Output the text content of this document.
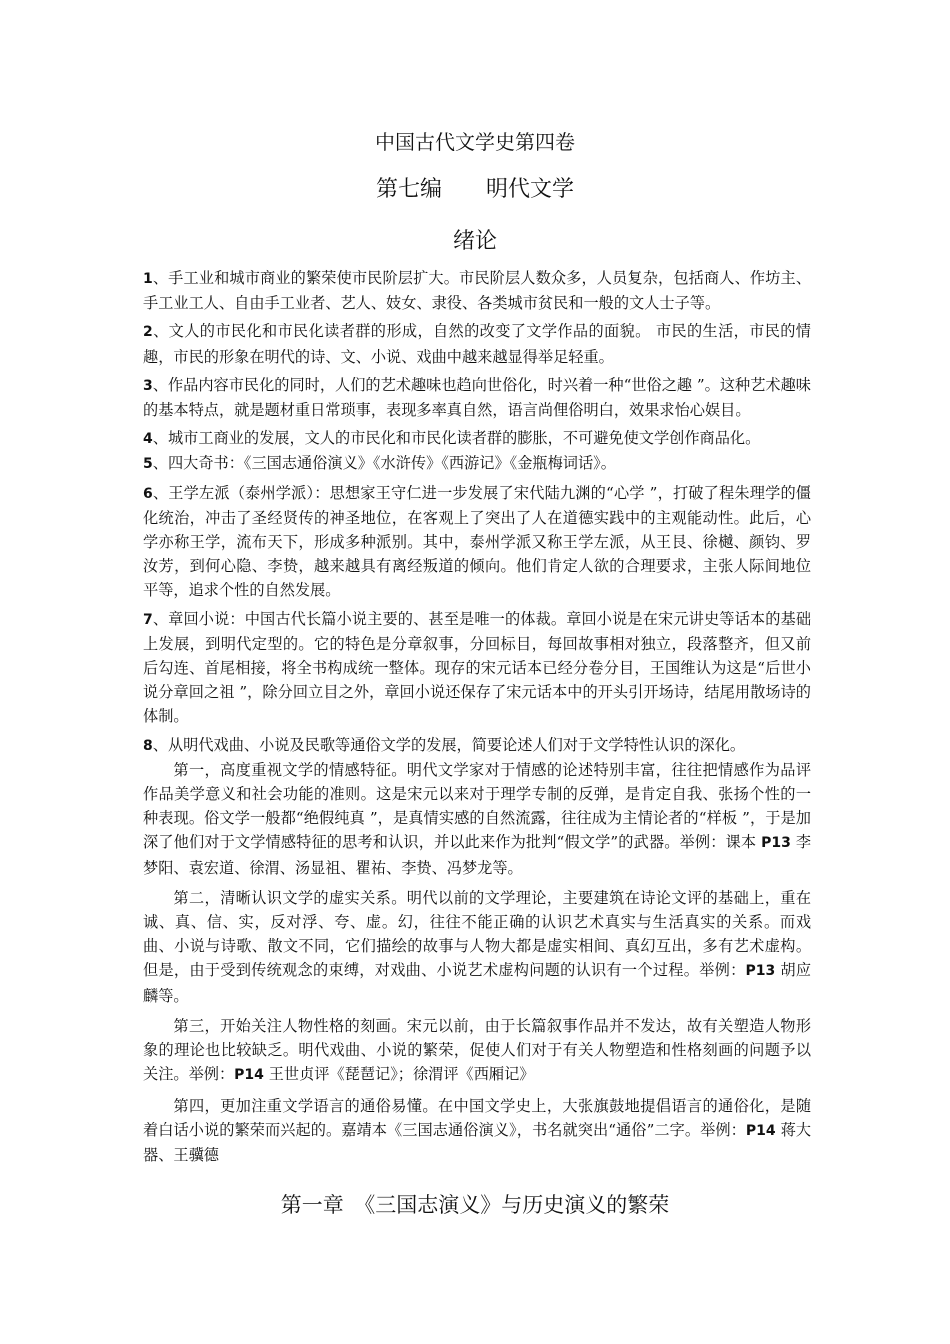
中国古代文学史第四卷
第七编 明代文学
绪论

1、手工业和城市商业的繁荣使市民阶层扩大。市民阶层人数众多，人员复杂，包括商人、作坊主、手工业工人、自由手工业者、艺人、妓女、隶役、各类城市贫民和一般的文人士子等。

2、文人的市民化和市民化读者群的形成，自然的改变了文学作品的面貌。 市民的生活，市民的情趣，市民的形象在明代的诗、文、小说、戏曲中越来越显得举足轻重。

3、作品内容市民化的同时，人们的艺术趣味也趋向世俗化，时兴着一种“世俗之趣 ”。这种艺术趣味的基本特点，就是题材重日常琐事，表现多率真自然，语言尚俚俗明白，效果求怡心娱目。

4、城市工商业的发展，文人的市民化和市民化读者群的膨胀，不可避免使文学创作商品化。

5、四大奇书：《三国志通俗演义》《水浒传》《西游记》《金瓶梅词话》。

6、王学左派（泰州学派）：思想家王守仁进一步发展了宋代陆九渊的“心学 ”，打破了程朱理学的僵化统治，冲击了圣经贤传的神圣地位，在客观上了突出了人在道德实践中的主观能动性。此后，心学亦称王学，流布天下，形成多种派别。其中，泰州学派又称王学左派，从王艮、徐樾、颜钧、罗汝芳，到何心隐、李贽，越来越具有离经叛道的倾向。他们肯定人欲的合理要求，主张人际间地位平等，追求个性的自然发展。

7、章回小说：中国古代长篇小说主要的、甚至是唯一的体裁。章回小说是在宋元讲史等话本的基础上发展，到明代定型的。它的特色是分章叙事，分回标目，每回故事相对独立，段落整齐，但又前后勾连、首尾相接，将全书构成统一整体。现存的宋元话本已经分卷分目，王国维认为这是“后世小说分章回之祖 ”，除分回立目之外，章回小说还保存了宋元话本中的开头引开场诗，结尾用散场诗的体制。

8、从明代戏曲、小说及民歌等通俗文学的发展，简要论述人们对于文学特性认识的深化。

第一，高度重视文学的情感特征。明代文学家对于情感的论述特别丰富，往往把情感作为品评作品美学意义和社会功能的准则。这是宋元以来对于理学专制的反弹，是肯定自我、张扬个性的一种表现。俗文学一般都“绝假纯真 ”，是真情实感的自然流露，往往成为主情论者的“样板 ”，于是加深了他们对于文学情感特征的思考和认识，并以此来作为批判“假文学”的武器。举例：课本 P13 李梦阳、袁宏道、徐渭、汤显祖、瞿祐、李贽、冯梦龙等。

第二，清晰认识文学的虚实关系。明代以前的文学理论，主要建筑在诗论文评的基础上，重在诚、真、信、实，反对浮、夸、虚。幻，往往不能正确的认识艺术真实与生活真实的关系。而戏曲、小说与诗歌、散文不同，它们描绘的故事与人物大都是虚实相间、真幻互出，多有艺术虚构。但是，由于受到传统观念的束缚，对戏曲、小说艺术虚构问题的认识有一个过程。举例：P13 胡应麟等。

第三，开始关注人物性格的刻画。宋元以前，由于长篇叙事作品并不发达，故有关塑造人物形象的理论也比较缺乏。明代戏曲、小说的繁荣，促使人们对于有关人物塑造和性格刻画的问题予以关注。举例：P14 王世贞评《琵琶记》；徐渭评《西厢记》

第四，更加注重文学语言的通俗易懂。在中国文学史上，大张旗鼓地提倡语言的通俗化，是随着白话小说的繁荣而兴起的。嘉靖本《三国志通俗演义》，书名就突出“通俗”二字。举例：P14 蒋大器、王骥德

第一章　《三国志演义》与历史演义的繁荣
